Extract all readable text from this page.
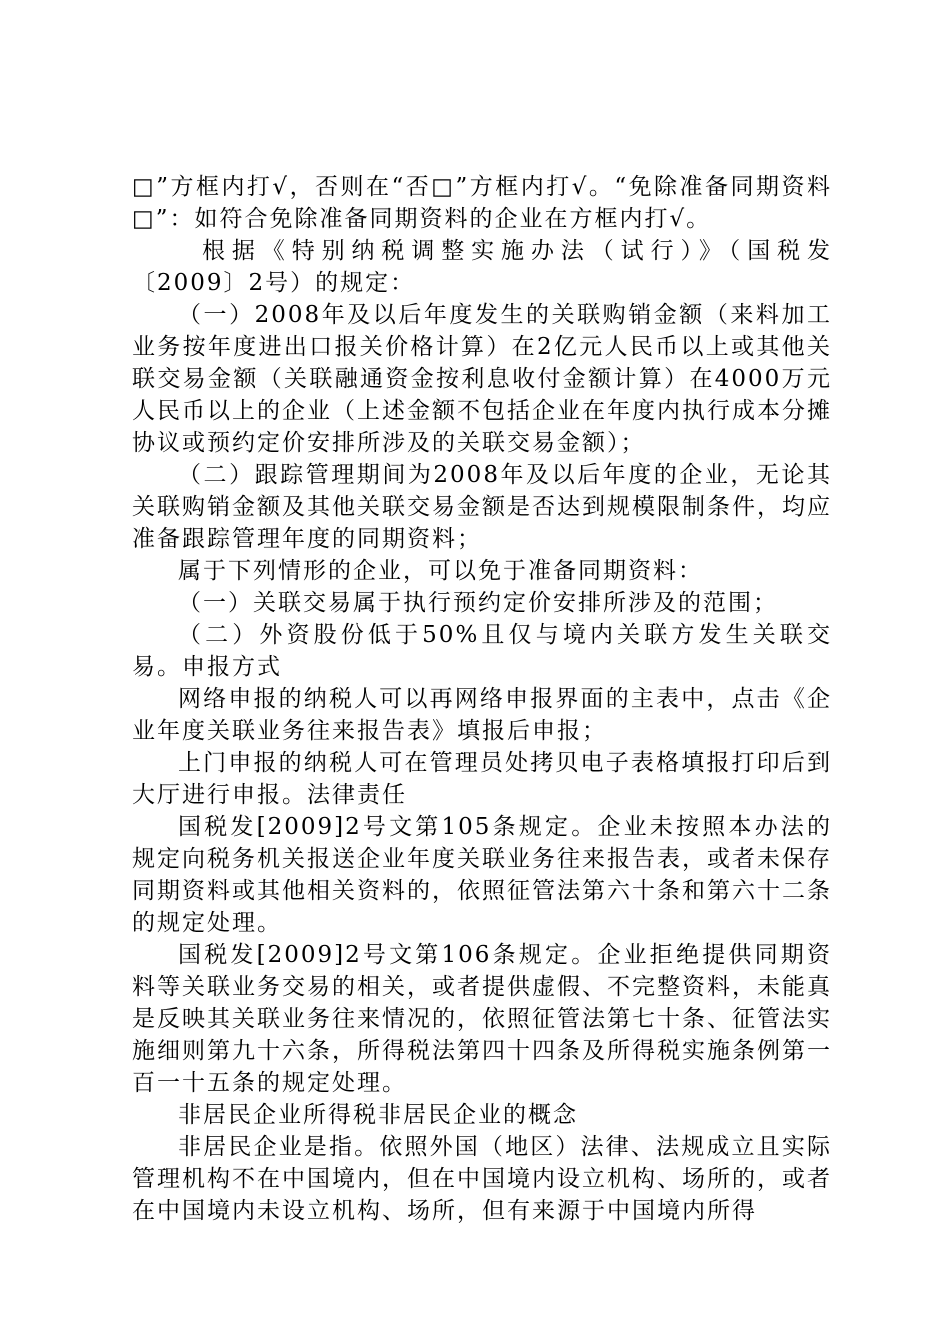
□”方框内打√，否则在“否□”方框内打√。“免除准备同期资料□”：如符合免除准备同期资料的企业在方框内打√。

根据《特别纳税调整实施办法（试行）》（国税发〔2009〕2号）的规定：

（一）2008年及以后年度发生的关联购销金额（来料加工业务按年度进出口报关价格计算）在2亿元人民币以上或其他关联交易金额（关联融通资金按利息收付金额计算）在4000万元人民币以上的企业（上述金额不包括企业在年度内执行成本分摊协议或预约定价安排所涉及的关联交易金额）；

（二）跟踪管理期间为2008年及以后年度的企业，无论其关联购销金额及其他关联交易金额是否达到规模限制条件，均应准备跟踪管理年度的同期资料；

属于下列情形的企业，可以免于准备同期资料：

（一）关联交易属于执行预约定价安排所涉及的范围；

（二）外资股份低于50%且仅与境内关联方发生关联交易。申报方式

网络申报的纳税人可以再网络申报界面的主表中，点击《企业年度关联业务往来报告表》填报后申报；

上门申报的纳税人可在管理员处拷贝电子表格填报打印后到大厅进行申报。法律责任

国税发[2009]2号文第105条规定。企业未按照本办法的规定向税务机关报送企业年度关联业务往来报告表，或者未保存同期资料或其他相关资料的，依照征管法第六十条和第六十二条的规定处理。

国税发[2009]2号文第106条规定。企业拒绝提供同期资料等关联业务交易的相关，或者提供虚假、不完整资料，未能真是反映其关联业务往来情况的，依照征管法第七十条、征管法实施细则第九十六条，所得税法第四十四条及所得税实施条例第一百一十五条的规定处理。

非居民企业所得税非居民企业的概念

非居民企业是指。依照外国（地区）法律、法规成立且实际管理机构不在中国境内，但在中国境内设立机构、场所的，或者在中国境内未设立机构、场所，但有来源于中国境内所得
